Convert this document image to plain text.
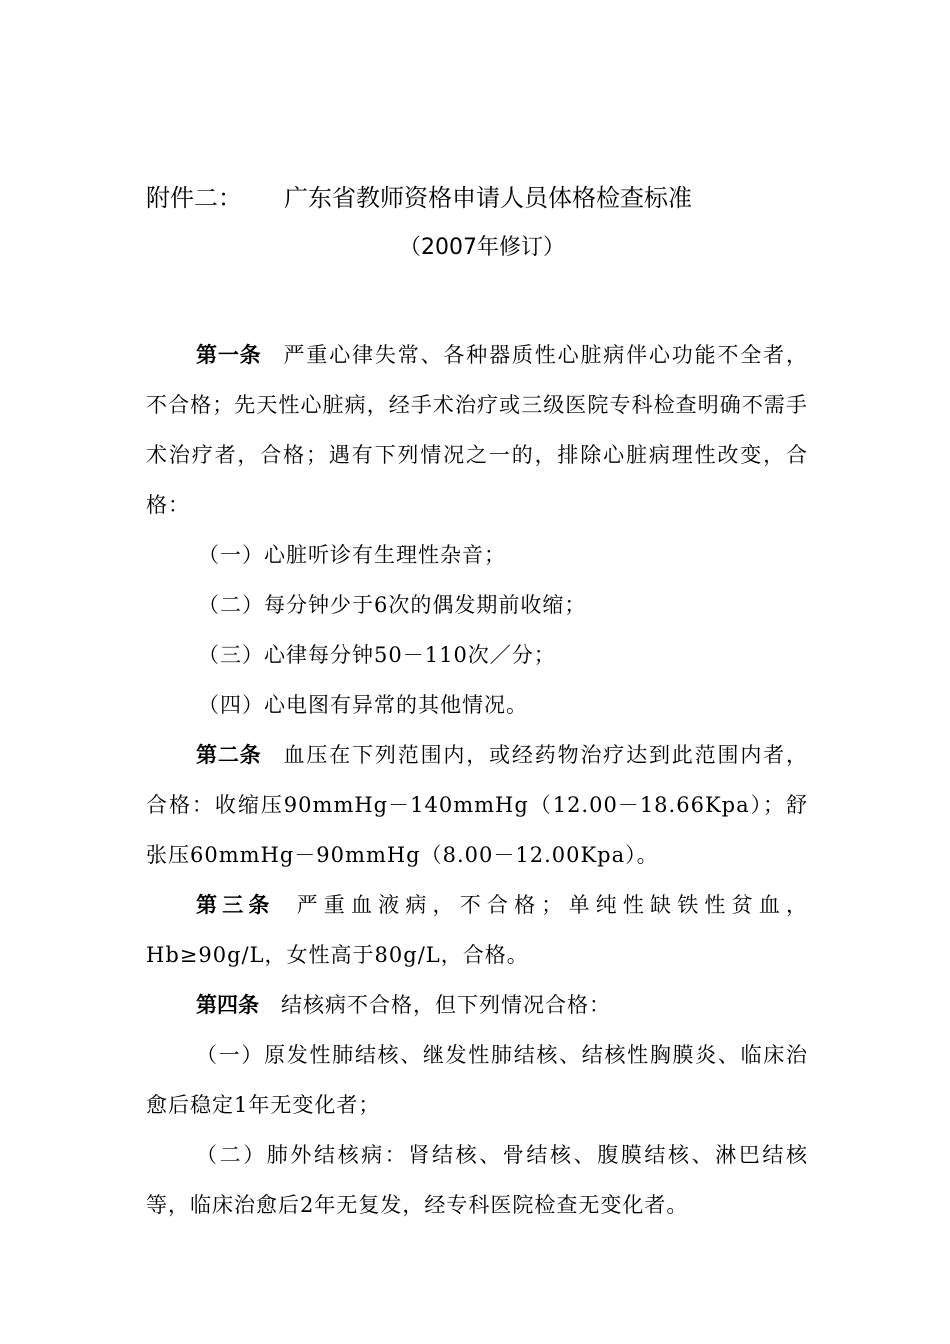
附件二： 广东省教师资格申请人员体格检查标准
（2007年修订）

第一条 严重心律失常、各种器质性心脏病伴心功能不全者，不合格；先天性心脏病，经手术治疗或三级医院专科检查明确不需手术治疗者，合格；遇有下列情况之一的，排除心脏病理性改变，合格：

（一）心脏听诊有生理性杂音；

（二）每分钟少于6次的偶发期前收缩；

（三）心律每分钟50－110次／分；

（四）心电图有异常的其他情况。

第二条 血压在下列范围内，或经药物治疗达到此范围内者，合格：收缩压90mmHg－140mmHg（12.00－18.66Kpa）；舒张压60mmHg－90mmHg（8.00－12.00Kpa）。

第三条 严重血液病，不合格；单纯性缺铁性贫血，Hb≥90g/L，女性高于80g/L，合格。

第四条 结核病不合格，但下列情况合格：

（一）原发性肺结核、继发性肺结核、结核性胸膜炎、临床治愈后稳定1年无变化者；

（二）肺外结核病：肾结核、骨结核、腹膜结核、淋巴结核等，临床治愈后2年无复发，经专科医院检查无变化者。
